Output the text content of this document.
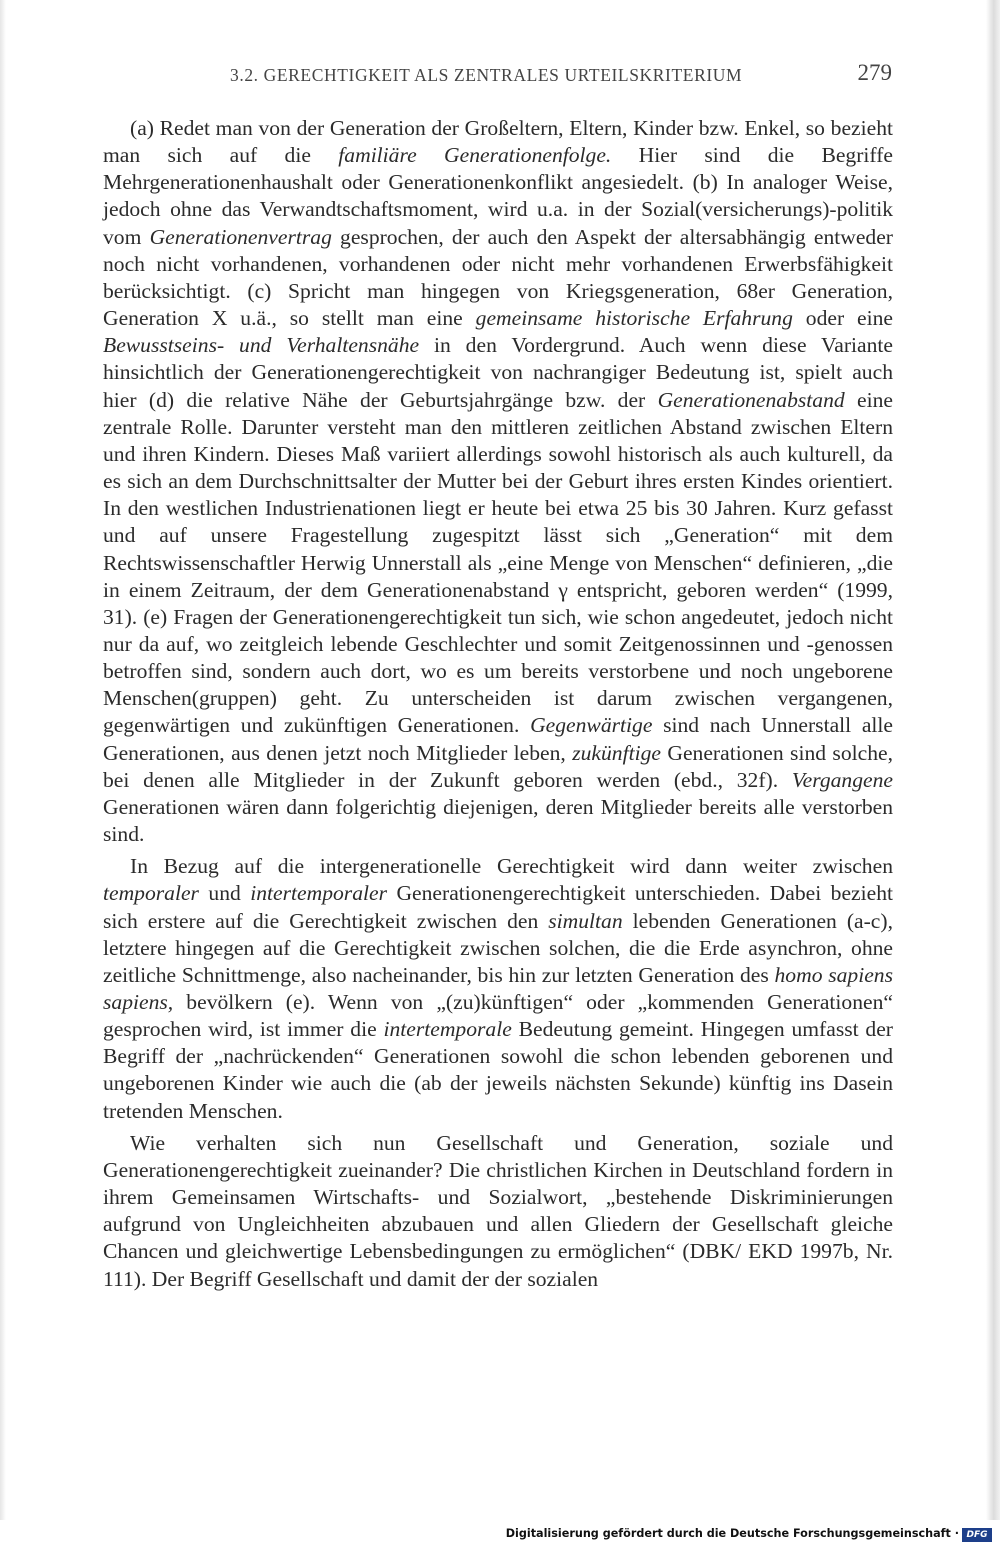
3.2. GERECHTIGKEIT ALS ZENTRALES URTEILSKRITERIUM	279

(a) Redet man von der Generation der Großeltern, Eltern, Kinder bzw. Enkel, so bezieht man sich auf die familiäre Generationenfolge. Hier sind die Begriffe Mehrgenerationenhaushalt oder Generationenkonflikt angesiedelt. (b) In analoger Weise, jedoch ohne das Verwandtschaftsmoment, wird u.a. in der Sozial(versicherungs)-politik vom Generationenvertrag gesprochen, der auch den Aspekt der altersabhängig entweder noch nicht vorhandenen, vorhandenen oder nicht mehr vorhandenen Erwerbsfähigkeit berücksichtigt. (c) Spricht man hingegen von Kriegsgeneration, 68er Generation, Generation X u.ä., so stellt man eine gemeinsame historische Erfahrung oder eine Bewusstseins- und Verhaltensnähe in den Vordergrund. Auch wenn diese Variante hinsichtlich der Generationengerechtigkeit von nachrangiger Bedeutung ist, spielt auch hier (d) die relative Nähe der Geburtsjahrgänge bzw. der Generationenabstand eine zentrale Rolle. Darunter versteht man den mittleren zeitlichen Abstand zwischen Eltern und ihren Kindern. Dieses Maß variiert allerdings sowohl historisch als auch kulturell, da es sich an dem Durchschnittsalter der Mutter bei der Geburt ihres ersten Kindes orientiert. In den westlichen Industrienationen liegt er heute bei etwa 25 bis 30 Jahren. Kurz gefasst und auf unsere Fragestellung zugespitzt lässt sich „Generation“ mit dem Rechtswissenschaftler Herwig Unnerstall als „eine Menge von Menschen“ definieren, „die in einem Zeitraum, der dem Generationenabstand γ entspricht, geboren werden“ (1999, 31). (e) Fragen der Generationengerechtigkeit tun sich, wie schon angedeutet, jedoch nicht nur da auf, wo zeitgleich lebende Geschlechter und somit Zeitgenossinnen und -genossen betroffen sind, sondern auch dort, wo es um bereits verstorbene und noch ungeborene Menschen(gruppen) geht. Zu unterscheiden ist darum zwischen vergangenen, gegenwärtigen und zukünftigen Generationen. Gegenwärtige sind nach Unnerstall alle Generationen, aus denen jetzt noch Mitglieder leben, zukünftige Generationen sind solche, bei denen alle Mitglieder in der Zukunft geboren werden (ebd., 32f). Vergangene Generationen wären dann folgerichtig diejenigen, deren Mitglieder bereits alle verstorben sind.

In Bezug auf die intergenerationelle Gerechtigkeit wird dann weiter zwischen temporaler und intertemporaler Generationengerechtigkeit unterschieden. Dabei bezieht sich erstere auf die Gerechtigkeit zwischen den simultan lebenden Generationen (a-c), letztere hingegen auf die Gerechtigkeit zwischen solchen, die die Erde asynchron, ohne zeitliche Schnittmenge, also nacheinander, bis hin zur letzten Generation des homo sapiens sapiens, bevölkern (e). Wenn von „(zu)künftigen“ oder „kommenden Generationen“ gesprochen wird, ist immer die intertemporale Bedeutung gemeint. Hingegen umfasst der Begriff der „nachrückenden“ Generationen sowohl die schon lebenden geborenen und ungeborenen Kinder wie auch die (ab der jeweils nächsten Sekunde) künftig ins Dasein tretenden Menschen.

Wie verhalten sich nun Gesellschaft und Generation, soziale und Generationengerechtigkeit zueinander? Die christlichen Kirchen in Deutschland fordern in ihrem Gemeinsamen Wirtschafts- und Sozialwort, „bestehende Diskriminierungen aufgrund von Ungleichheiten abzubauen und allen Gliedern der Gesellschaft gleiche Chancen und gleichwertige Lebensbedingungen zu ermöglichen“ (DBK/ EKD 1997b, Nr. 111). Der Begriff Gesellschaft und damit der der sozialen

Digitalisierung gefördert durch die Deutsche Forschungsgemeinschaft · DFG
